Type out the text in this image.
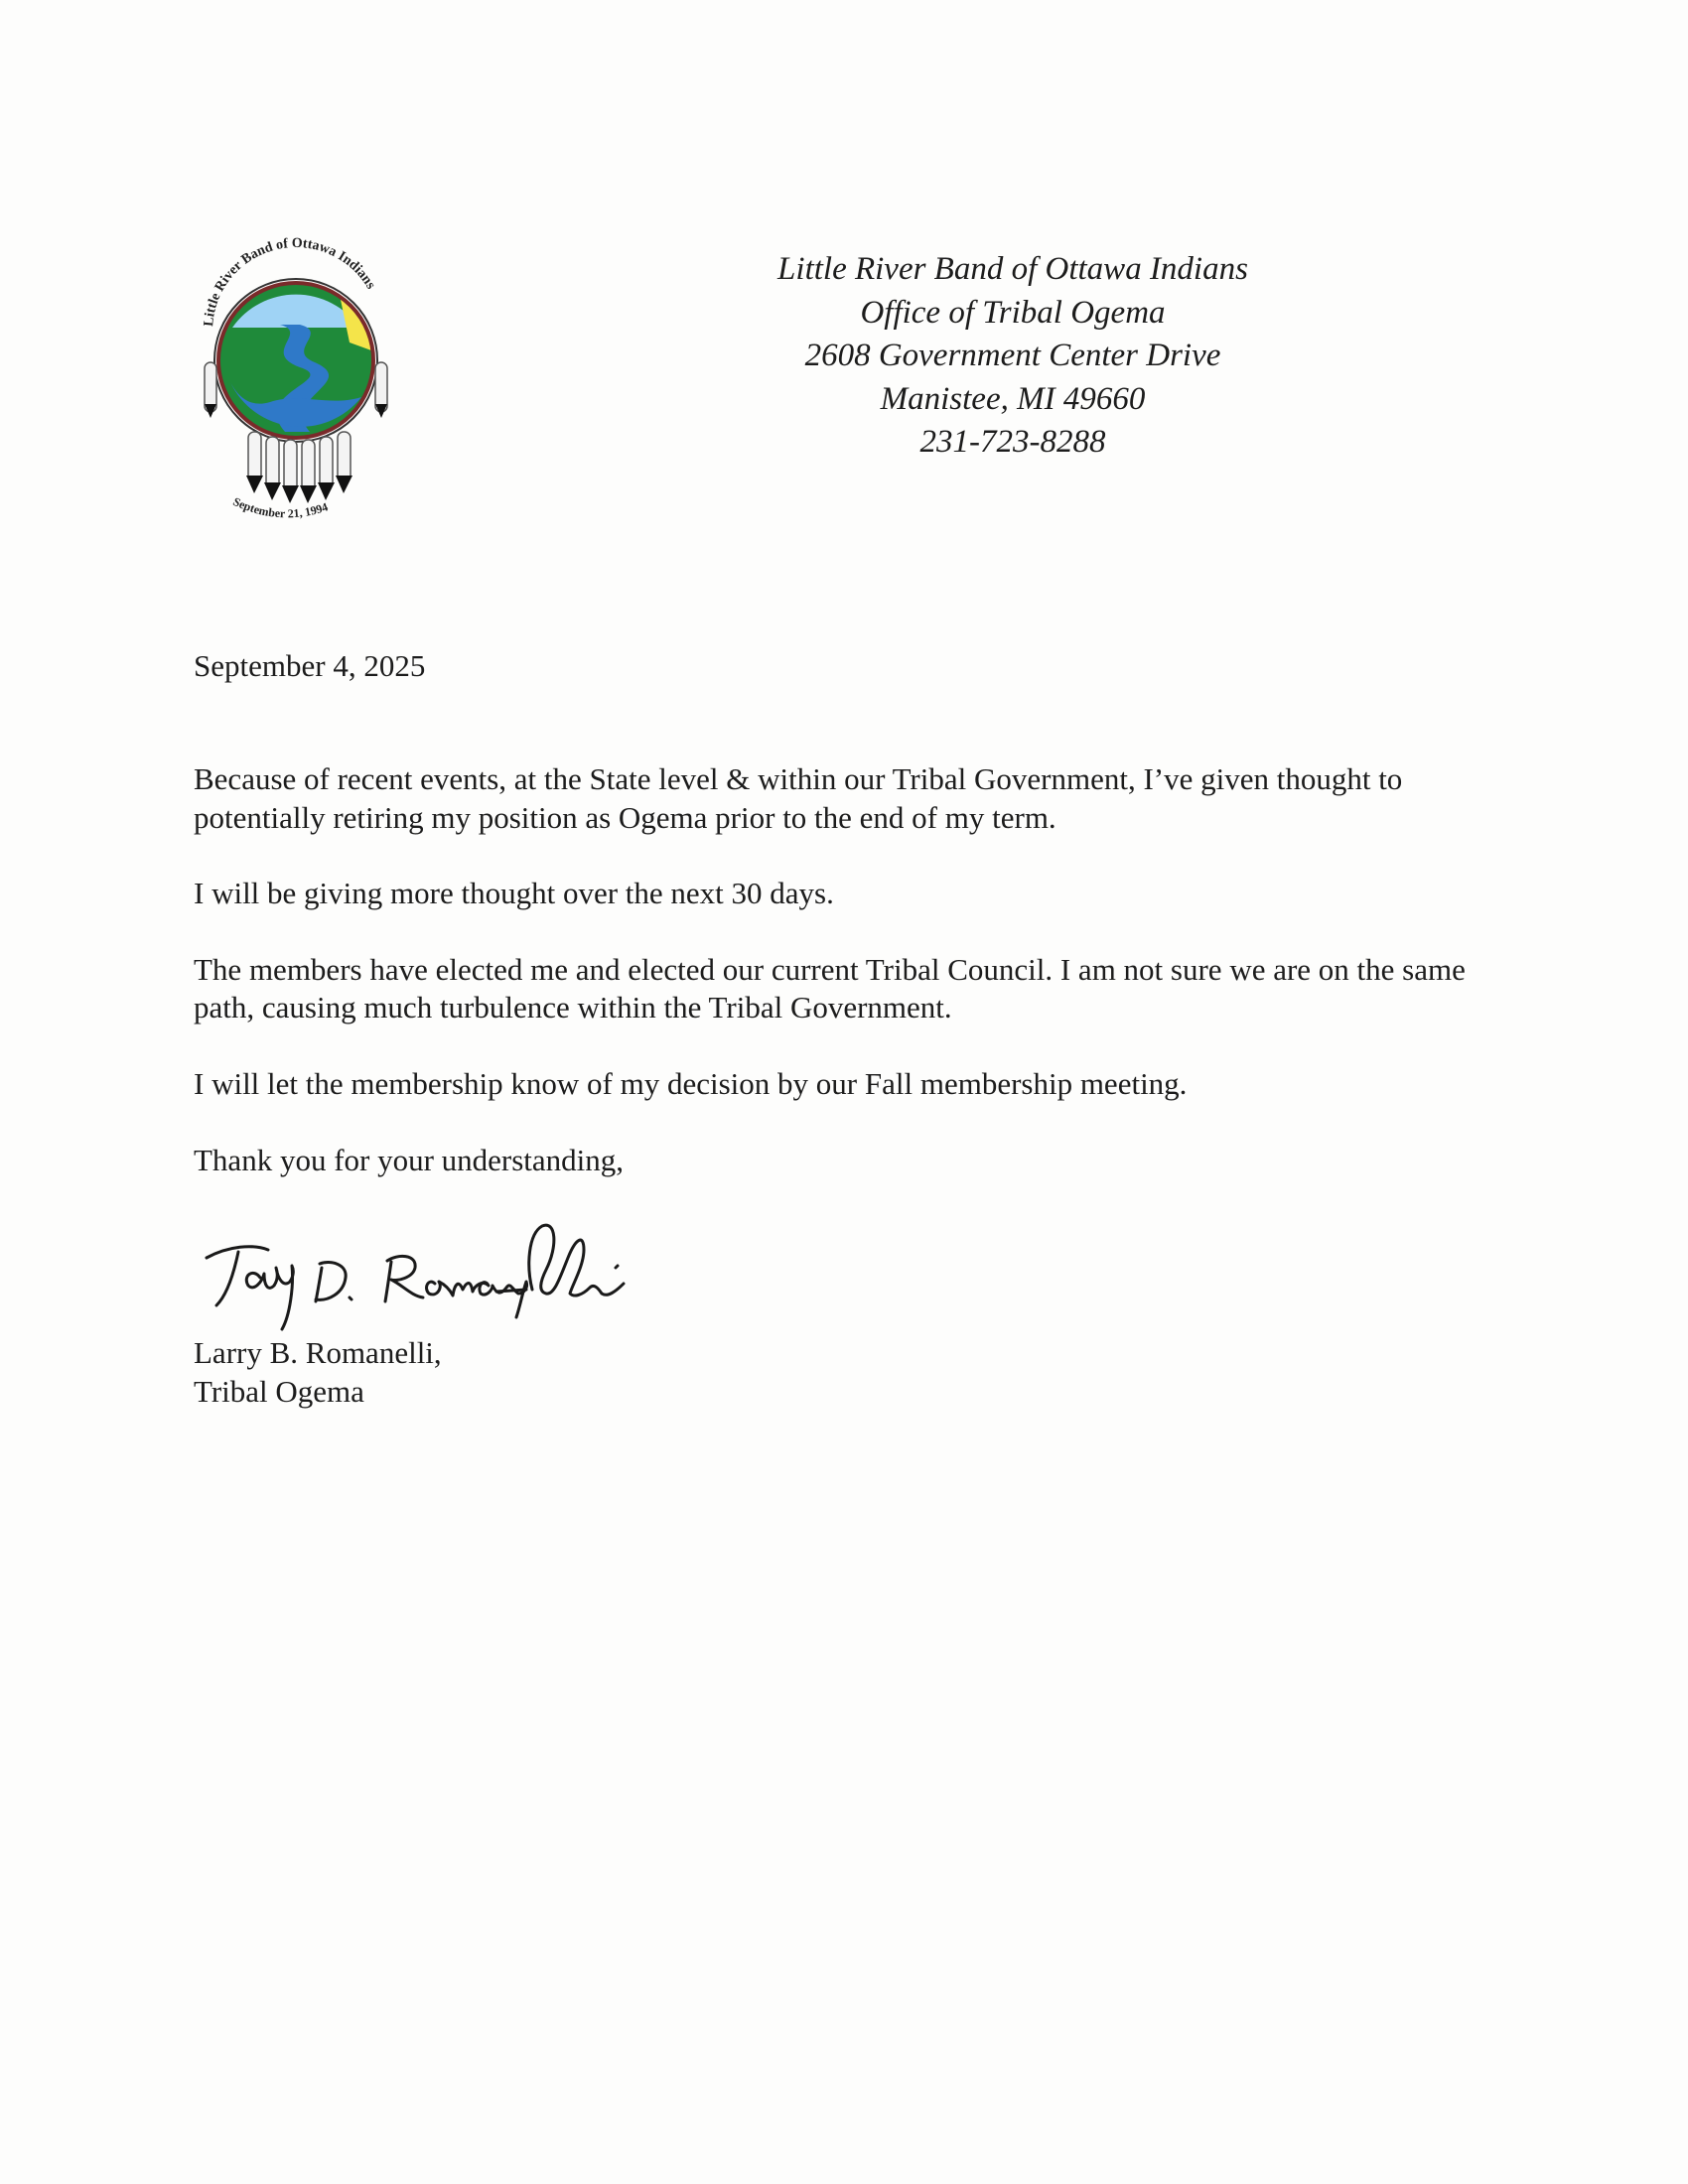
Little River Band of Ottawa Indians
September 21, 1994
Little River Band of Ottawa Indians
Office of Tribal Ogema
2608 Government Center Drive
Manistee, MI 49660
231-723-8288
September 4, 2025

Because of recent events, at the State level & within our Tribal Government, I’ve given thought to potentially retiring my position as Ogema prior to the end of my term.

I will be giving more thought over the next 30 days.

The members have elected me and elected our current Tribal Council. I am not sure we are on the same path, causing much turbulence within the Tribal Government.

I will let the membership know of my decision by our Fall membership meeting.

Thank you for your understanding,
Larry B. Romanelli,
Tribal Ogema
